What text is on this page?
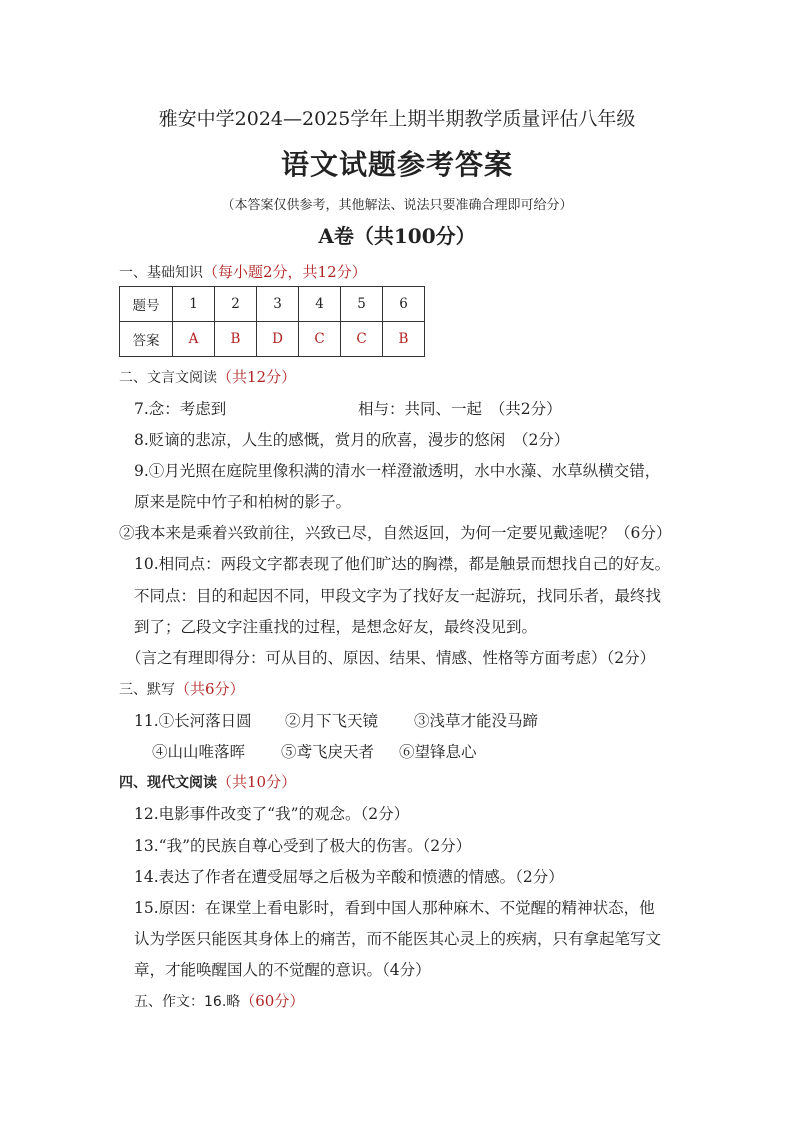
雅安中学2024—2025学年上期半期教学质量评估八年级
语文试题参考答案
（本答案仅供参考，其他解法、说法只要准确合理即可给分）
A卷（共100分）
一、基础知识（每小题2分，共12分）
题号	1	2	3	4	5	6
答案	A	B	D	C	C	B
二、文言文阅读（共12分）
7.念：考虑到	相与：共同、一起　（共2分）
8.贬谪的悲凉，人生的感慨，赏月的欣喜，漫步的悠闲　（2分）
9.①月光照在庭院里像积满的清水一样澄澈透明，水中水藻、水草纵横交错，
原来是院中竹子和柏树的影子。
②我本来是乘着兴致前往，兴致已尽，自然返回，为何一定要见戴逵呢？（6分）
10.相同点：两段文字都表现了他们旷达的胸襟，都是触景而想找自己的好友。
不同点：目的和起因不同，甲段文字为了找好友一起游玩，找同乐者，最终找
到了；乙段文字注重找的过程，是想念好友，最终没见到。
（言之有理即得分：可从目的、原因、结果、情感、性格等方面考虑）（2分）
三、默写（共6分）
11.①长河落日圆 ②月下飞天镜 ③浅草才能没马蹄
④山山唯落晖 ⑤鸢飞戾天者 ⑥望锋息心
四、现代文阅读（共10分）
12.电影事件改变了“我”的观念。（2分）
13.“我”的民族自尊心受到了极大的伤害。（2分）
14.表达了作者在遭受屈辱之后极为辛酸和愤懑的情感。（2分）
15.原因：在课堂上看电影时，看到中国人那种麻木、不觉醒的精神状态，他
认为学医只能医其身体上的痛苦，而不能医其心灵上的疾病，只有拿起笔写文
章，才能唤醒国人的不觉醒的意识。（4分）
五、作文：16.略（60分）
